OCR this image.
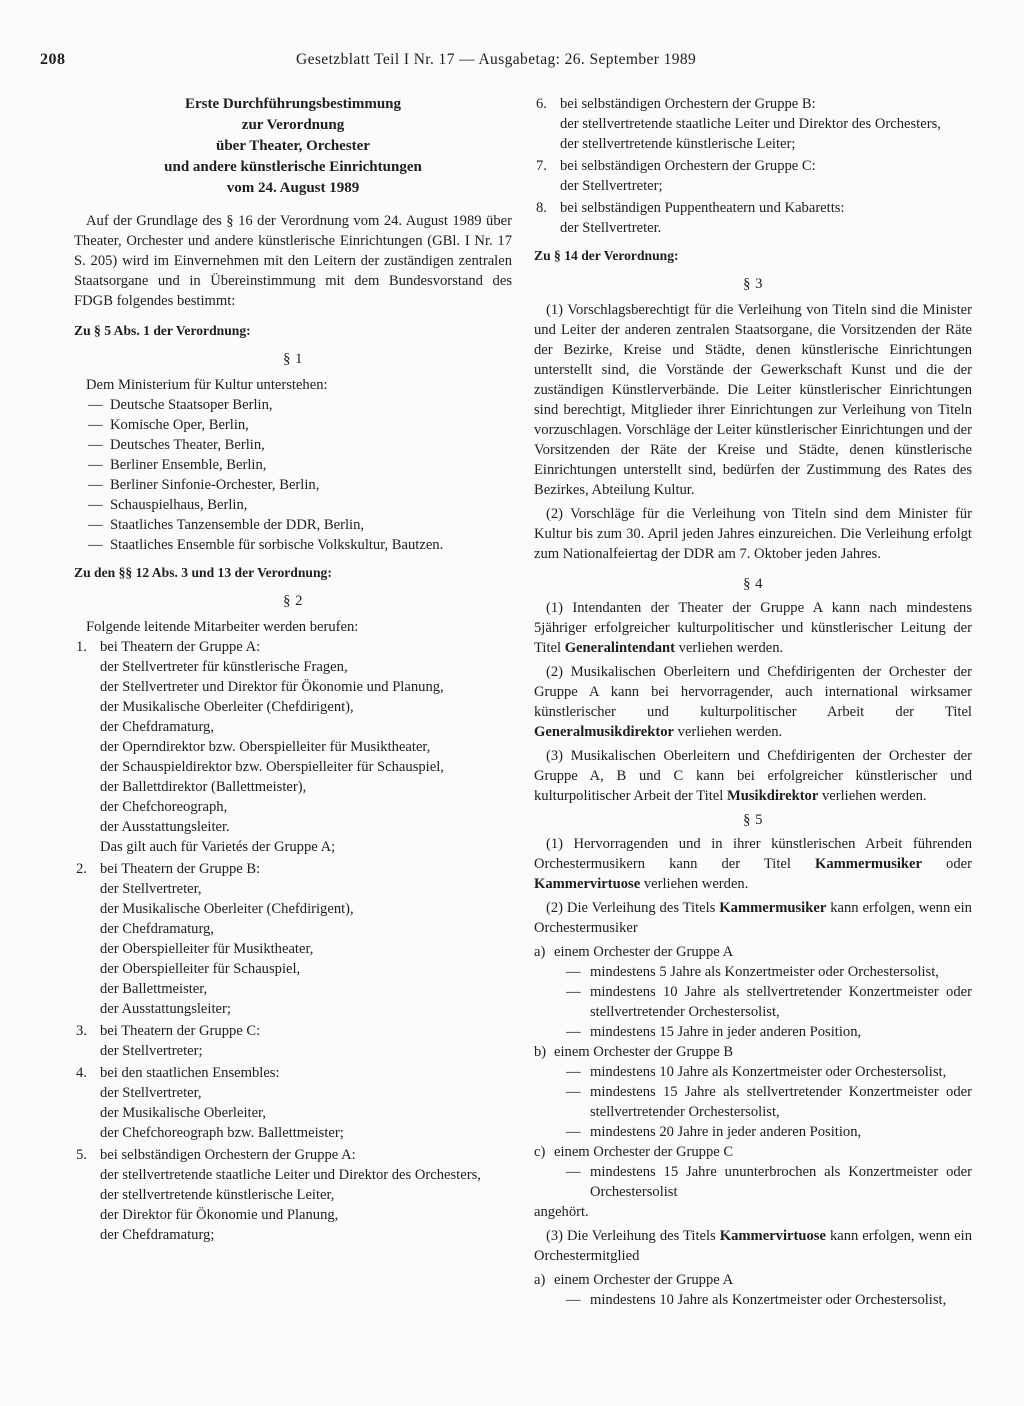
208	Gesetzblatt Teil I Nr. 17 — Ausgabetag: 26. September 1989

Erste Durchführungsbestimmung

zur Verordnung

über Theater, Orchester

und andere künstlerische Einrichtungen

vom 24. August 1989

Auf der Grundlage des § 16 der Verordnung vom 24. August 1989 über Theater, Orchester und andere künstlerische Einrichtungen (GBl. I Nr. 17 S. 205) wird im Einvernehmen mit den Leitern der zuständigen zentralen Staatsorgane und in Übereinstimmung mit dem Bundesvorstand des FDGB folgendes bestimmt:

Zu § 5 Abs. 1 der Verordnung:

§ 1

Dem Ministerium für Kultur unterstehen:

— Deutsche Staatsoper Berlin,
— Komische Oper, Berlin,
— Deutsches Theater, Berlin,
— Berliner Ensemble, Berlin,
— Berliner Sinfonie-Orchester, Berlin,
— Schauspielhaus, Berlin,
— Staatliches Tanzensemble der DDR, Berlin,
— Staatliches Ensemble für sorbische Volkskultur, Bautzen.

Zu den §§ 12 Abs. 3 und 13 der Verordnung:

§ 2

Folgende leitende Mitarbeiter werden berufen:

1. bei Theatern der Gruppe A:
der Stellvertreter für künstlerische Fragen,
der Stellvertreter und Direktor für Ökonomie und Planung,
der Musikalische Oberleiter (Chefdirigent),
der Chefdramaturg,
der Operndirektor bzw. Oberspielleiter für Musiktheater,
der Schauspieldirektor bzw. Oberspielleiter für Schauspiel,
der Ballettdirektor (Ballettmeister),
der Chefchoreograph,
der Ausstattungsleiter.
Das gilt auch für Varietés der Gruppe A;
2. bei Theatern der Gruppe B:
der Stellvertreter,
der Musikalische Oberleiter (Chefdirigent),
der Chefdramaturg,
der Oberspielleiter für Musiktheater,
der Oberspielleiter für Schauspiel,
der Ballettmeister,
der Ausstattungsleiter;
3. bei Theatern der Gruppe C:
der Stellvertreter;
4. bei den staatlichen Ensembles:
der Stellvertreter,
der Musikalische Oberleiter,
der Chefchoreograph bzw. Ballettmeister;
5. bei selbständigen Orchestern der Gruppe A:
der stellvertretende staatliche Leiter und Direktor des Orchesters,
der stellvertretende künstlerische Leiter,
der Direktor für Ökonomie und Planung,
der Chefdramaturg;
6. bei selbständigen Orchestern der Gruppe B:
der stellvertretende staatliche Leiter und Direktor des Orchesters,
der stellvertretende künstlerische Leiter;
7. bei selbständigen Orchestern der Gruppe C:
der Stellvertreter;
8. bei selbständigen Puppentheatern und Kabaretts:
der Stellvertreter.

Zu § 14 der Verordnung:

§ 3

(1) Vorschlagsberechtigt für die Verleihung von Titeln sind die Minister und Leiter der anderen zentralen Staatsorgane, die Vorsitzenden der Räte der Bezirke, Kreise und Städte, denen künstlerische Einrichtungen unterstellt sind, die Vorstände der Gewerkschaft Kunst und die der zuständigen Künstlerverbände. Die Leiter künstlerischer Einrichtungen sind berechtigt, Mitglieder ihrer Einrichtungen zur Verleihung von Titeln vorzuschlagen. Vorschläge der Leiter künstlerischer Einrichtungen und der Vorsitzenden der Räte der Kreise und Städte, denen künstlerische Einrichtungen unterstellt sind, bedürfen der Zustimmung des Rates des Bezirkes, Abteilung Kultur.

(2) Vorschläge für die Verleihung von Titeln sind dem Minister für Kultur bis zum 30. April jeden Jahres einzureichen. Die Verleihung erfolgt zum Nationalfeiertag der DDR am 7. Oktober jeden Jahres.

§ 4

(1) Intendanten der Theater der Gruppe A kann nach mindestens 5jähriger erfolgreicher kulturpolitischer und künstlerischer Leitung der Titel Generalintendant verliehen werden.

(2) Musikalischen Oberleitern und Chefdirigenten der Orchester der Gruppe A kann bei hervorragender, auch international wirksamer künstlerischer und kulturpolitischer Arbeit der Titel Generalmusikdirektor verliehen werden.

(3) Musikalischen Oberleitern und Chefdirigenten der Orchester der Gruppe A, B und C kann bei erfolgreicher künstlerischer und kulturpolitischer Arbeit der Titel Musikdirektor verliehen werden.

§ 5

(1) Hervorragenden und in ihrer künstlerischen Arbeit führenden Orchestermusikern kann der Titel Kammermusiker oder Kammervirtuose verliehen werden.

(2) Die Verleihung des Titels Kammermusiker kann erfolgen, wenn ein Orchestermusiker

a) einem Orchester der Gruppe A
— mindestens 5 Jahre als Konzertmeister oder Orchestersolist,
— mindestens 10 Jahre als stellvertretender Konzertmeister oder stellvertretender Orchestersolist,
— mindestens 15 Jahre in jeder anderen Position,
b) einem Orchester der Gruppe B
— mindestens 10 Jahre als Konzertmeister oder Orchestersolist,
— mindestens 15 Jahre als stellvertretender Konzertmeister oder stellvertretender Orchestersolist,
— mindestens 20 Jahre in jeder anderen Position,
c) einem Orchester der Gruppe C
— mindestens 15 Jahre ununterbrochen als Konzertmeister oder Orchestersolist

angehört.

(3) Die Verleihung des Titels Kammervirtuose kann erfolgen, wenn ein Orchestermitglied

a) einem Orchester der Gruppe A
— mindestens 10 Jahre als Konzertmeister oder Orchestersolist,
